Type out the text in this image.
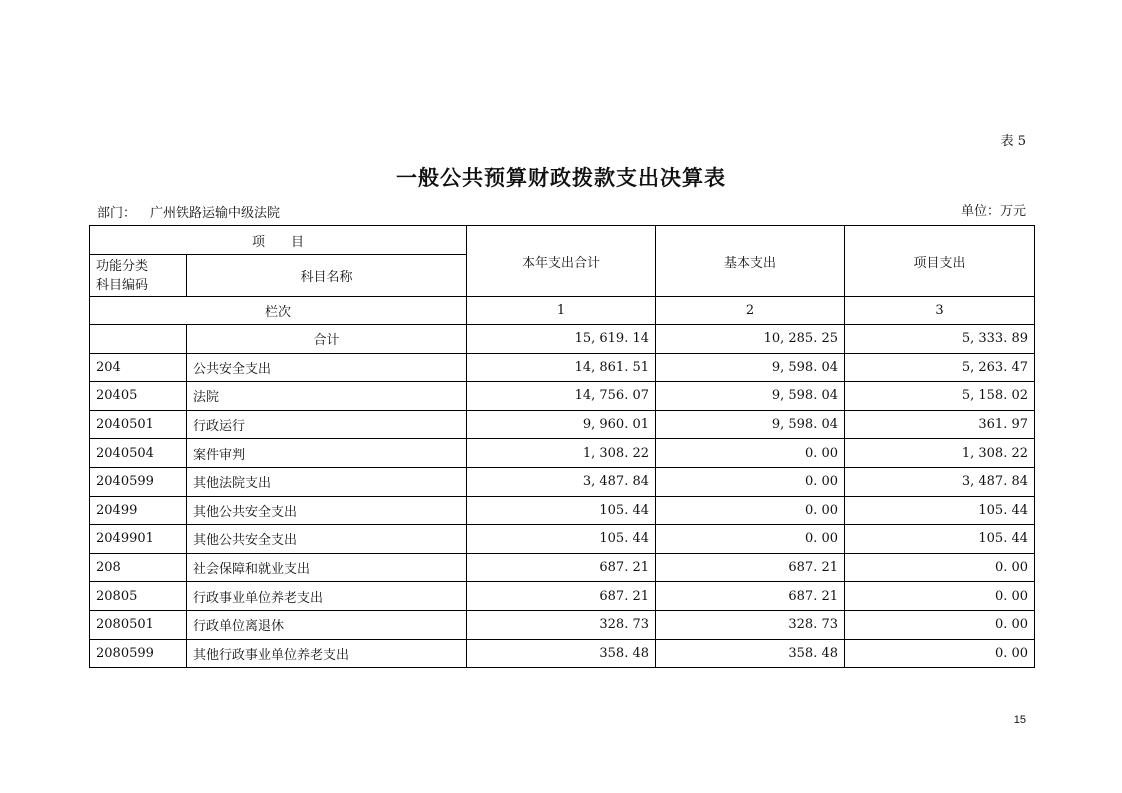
表 5
一般公共预算财政拨款支出决算表
部门： 广州铁路运输中级法院	单位：万元
项　　目		本年支出合计	基本支出	项目支出

功能分类
科目编码	科目名称			
栏次		1	2	3
	合计	15, 619. 14	10, 285. 25	5, 333. 89
204	公共安全支出	14, 861. 51	9, 598. 04	5, 263. 47
20405	法院	14, 756. 07	9, 598. 04	5, 158. 02
2040501	行政运行	9, 960. 01	9, 598. 04	361. 97
2040504	案件审判	1, 308. 22	0. 00	1, 308. 22
2040599	其他法院支出	3, 487. 84	0. 00	3, 487. 84
20499	其他公共安全支出	105. 44	0. 00	105. 44
2049901	其他公共安全支出	105. 44	0. 00	105. 44
208	社会保障和就业支出	687. 21	687. 21	0. 00
20805	行政事业单位养老支出	687. 21	687. 21	0. 00
2080501	行政单位离退休	328. 73	328. 73	0. 00
2080599	其他行政事业单位养老支出	358. 48	358. 48	0. 00
15
